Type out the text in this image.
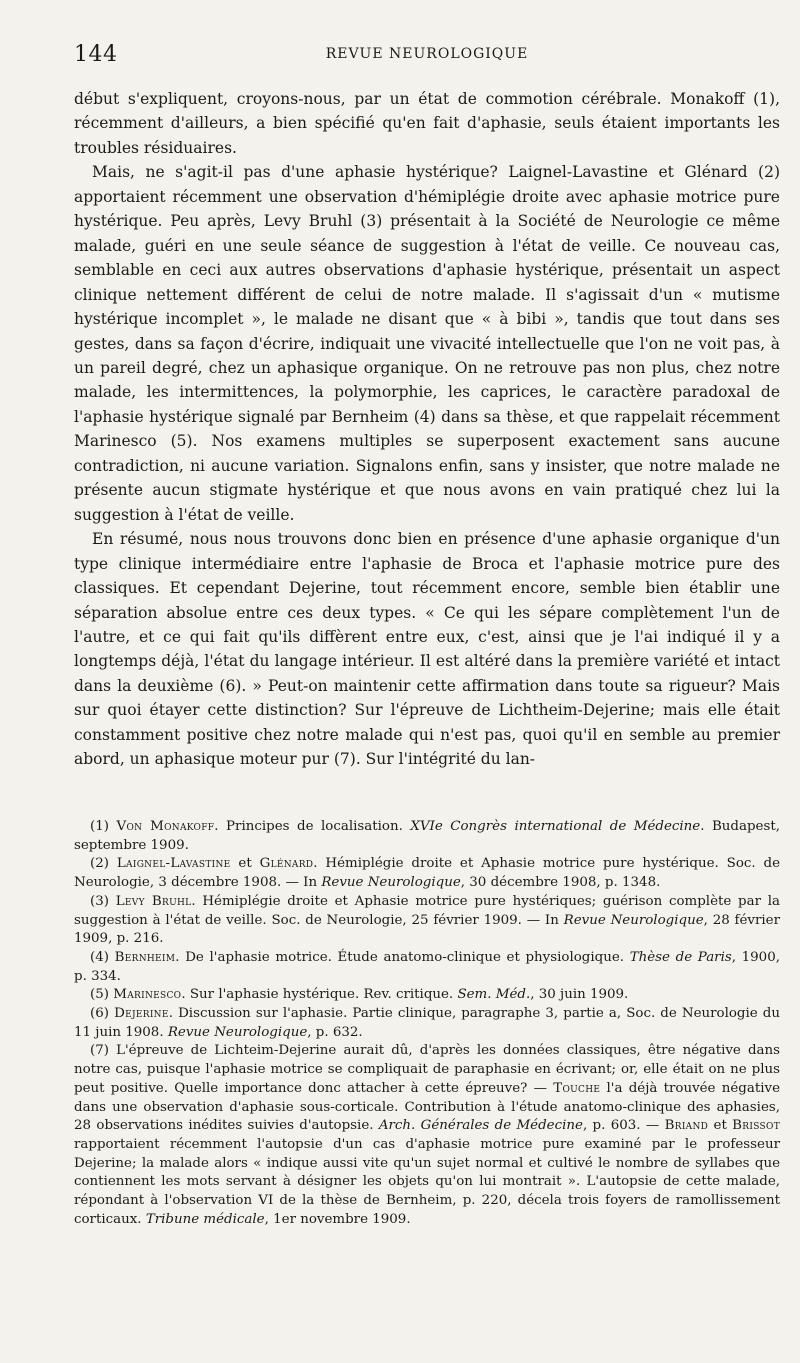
144	REVUE NEUROLOGIQUE

début s'expliquent, croyons-nous, par un état de commotion cérébrale. Monakoff (1), récemment d'ailleurs, a bien spécifié qu'en fait d'aphasie, seuls étaient importants les troubles résiduaires.

Mais, ne s'agit-il pas d'une aphasie hystérique? Laignel-Lavastine et Glénard (2) apportaient récemment une observation d'hémiplégie droite avec aphasie motrice pure hystérique. Peu après, Levy Bruhl (3) présentait à la Société de Neurologie ce même malade, guéri en une seule séance de suggestion à l'état de veille. Ce nouveau cas, semblable en ceci aux autres observations d'aphasie hystérique, présentait un aspect clinique nettement différent de celui de notre malade. Il s'agissait d'un « mutisme hystérique incomplet », le malade ne disant que « à bibi », tandis que tout dans ses gestes, dans sa façon d'écrire, indiquait une vivacité intellectuelle que l'on ne voit pas, à un pareil degré, chez un aphasique organique. On ne retrouve pas non plus, chez notre malade, les intermittences, la polymorphie, les caprices, le caractère paradoxal de l'aphasie hystérique signalé par Bernheim (4) dans sa thèse, et que rappelait récemment Marinesco (5). Nos examens multiples se superposent exactement sans aucune contradiction, ni aucune variation. Signalons enfin, sans y insister, que notre malade ne présente aucun stigmate hystérique et que nous avons en vain pratiqué chez lui la suggestion à l'état de veille.

En résumé, nous nous trouvons donc bien en présence d'une aphasie organique d'un type clinique intermédiaire entre l'aphasie de Broca et l'aphasie motrice pure des classiques. Et cependant Dejerine, tout récemment encore, semble bien établir une séparation absolue entre ces deux types. « Ce qui les sépare complètement l'un de l'autre, et ce qui fait qu'ils diffèrent entre eux, c'est, ainsi que je l'ai indiqué il y a longtemps déjà, l'état du langage intérieur. Il est altéré dans la première variété et intact dans la deuxième (6). » Peut-on maintenir cette affirmation dans toute sa rigueur? Mais sur quoi étayer cette distinction? Sur l'épreuve de Lichtheim-Dejerine; mais elle était constamment positive chez notre malade qui n'est pas, quoi qu'il en semble au premier abord, un aphasique moteur pur (7). Sur l'intégrité du lan-

(1) Von Monakoff. Principes de localisation. XVIe Congrès international de Médecine. Budapest, septembre 1909.

(2) Laignel-Lavastine et Glénard. Hémiplégie droite et Aphasie motrice pure hystérique. Soc. de Neurologie, 3 décembre 1908. — In Revue Neurologique, 30 décembre 1908, p. 1348.

(3) Levy Bruhl. Hémiplégie droite et Aphasie motrice pure hystériques; guérison complète par la suggestion à l'état de veille. Soc. de Neurologie, 25 février 1909. — In Revue Neurologique, 28 février 1909, p. 216.

(4) Bernheim. De l'aphasie motrice. Étude anatomo-clinique et physiologique. Thèse de Paris, 1900, p. 334.

(5) Marinesco. Sur l'aphasie hystérique. Rev. critique. Sem. Méd., 30 juin 1909.

(6) Dejerine. Discussion sur l'aphasie. Partie clinique, paragraphe 3, partie a, Soc. de Neurologie du 11 juin 1908. Revue Neurologique, p. 632.

(7) L'épreuve de Lichteim-Dejerine aurait dû, d'après les données classiques, être négative dans notre cas, puisque l'aphasie motrice se compliquait de paraphasie en écrivant; or, elle était on ne plus peut positive. Quelle importance donc attacher à cette épreuve? — Touche l'a déjà trouvée négative dans une observation d'aphasie sous-corticale. Contribution à l'étude anatomo-clinique des aphasies, 28 observations inédites suivies d'autopsie. Arch. Générales de Médecine, p. 603. — Briand et Brissot rapportaient récemment l'autopsie d'un cas d'aphasie motrice pure examiné par le professeur Dejerine; la malade alors « indique aussi vite qu'un sujet normal et cultivé le nombre de syllabes que contiennent les mots servant à désigner les objets qu'on lui montrait ». L'autopsie de cette malade, répondant à l'observation VI de la thèse de Bernheim, p. 220, décela trois foyers de ramollissement corticaux. Tribune médicale, 1er novembre 1909.
